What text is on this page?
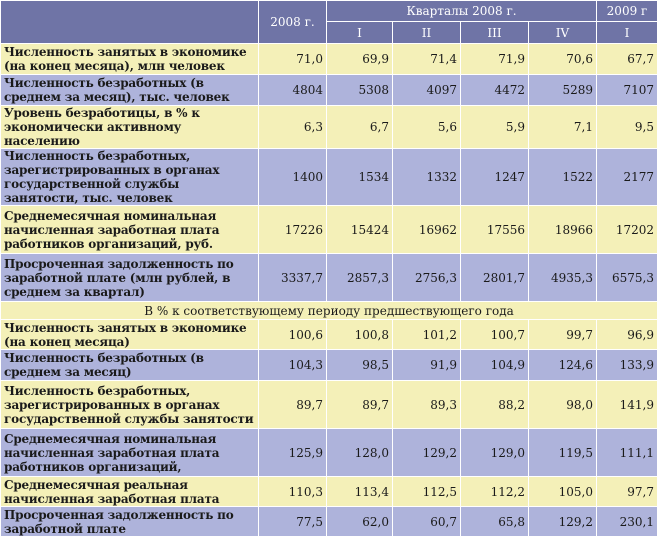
	2008 г.	Кварталы 2008 г.				2009 г
		I	II	III	IV	I
Численность занятых в экономике (на конец месяца), млн человек	71,0	69,9	71,4	71,9	70,6	67,7
Численность безработных (в среднем за месяц), тыс. человек	4804	5308	4097	4472	5289	7107
Уровень безработицы, в % к экономически активному населению	6,3	6,7	5,6	5,9	7,1	9,5
Численность безработных, зарегистрированных в органах государственной службы занятости, тыс. человек	1400	1534	1332	1247	1522	2177
Среднемесячная номинальная начисленная заработная плата работников организаций, руб.	17226	15424	16962	17556	18966	17202
Просроченная задолженность по заработной плате (млн рублей, в среднем за квартал)	3337,7	2857,3	2756,3	2801,7	4935,3	6575,3
В % к соответствующему периоду предшествующего года						
Численность занятых в экономике (на конец месяца)	100,6	100,8	101,2	100,7	99,7	96,9
Численность безработных (в среднем за месяц)	104,3	98,5	91,9	104,9	124,6	133,9
Численность безработных, зарегистрированных в органах государственной службы занятости	89,7	89,7	89,3	88,2	98,0	141,9
Среднемесячная номинальная начисленная заработная плата работников организаций,	125,9	128,0	129,2	129,0	119,5	111,1
Среднемесячная реальная начисленная заработная плата	110,3	113,4	112,5	112,2	105,0	97,7
Просроченная задолженность по заработной плате	77,5	62,0	60,7	65,8	129,2	230,1
